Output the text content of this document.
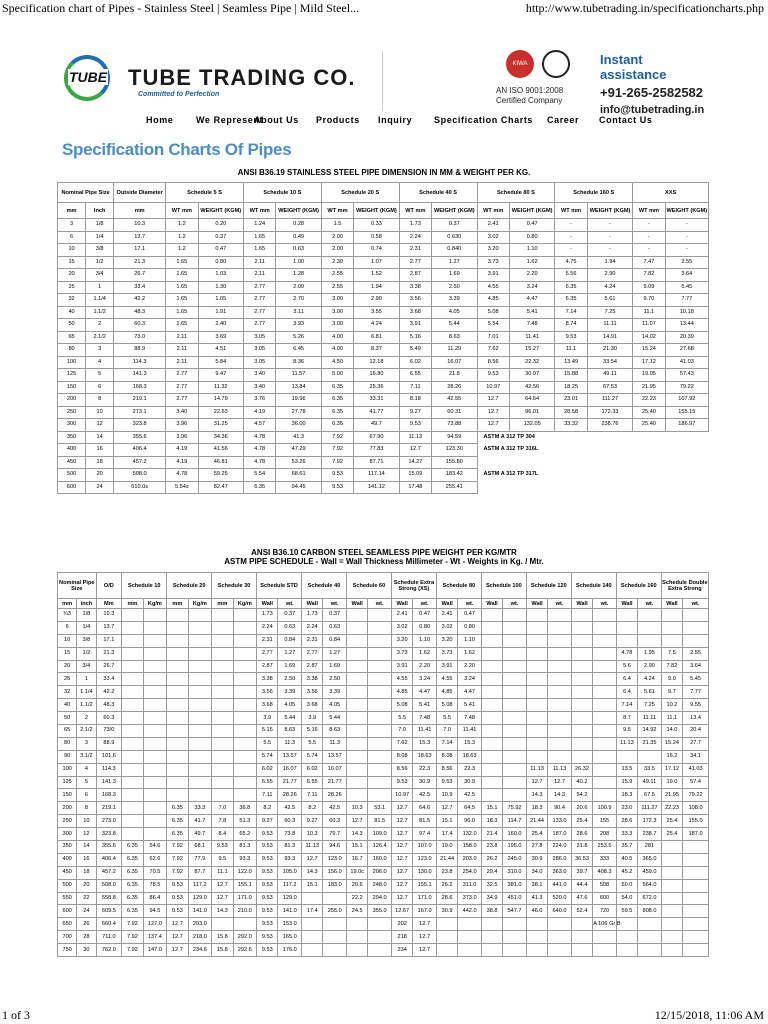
Specification chart of Pipes - Stainless Steel | Seamless Pipe | Mild Steel...	http://www.tubetrading.in/specificationcharts.php
TUBE TUBE TRADING CO.
Committed to Perfection
KIWA
AN ISO 9001:2008
Certified Company
Instant assistance
+91-265-2582582
info@tubetrading.in
Home	We Represent
About Us Products Inquiry Specification Charts Career Contact Us
Specification Charts Of Pipes
ANSI B36.19 STAINLESS STEEL PIPE DIMENSION IN MM & WEIGHT PER KG.
Nominal Pipe Size		Outside Diameter	Schedule 5 S		Schedule 10 S		Schedule 20 S		Schedule 40 S		Schedule 80 S		Schedule 160 S		XXS	
mm	Inch	mm	WT mm	WEIGHT (KGM)	WT mm	WEIGHT (KGM)	WT mm	WEIGHT (KGM)	WT mm	WEIGHT (KGM)	WT mm	WEIGHT (KGM)	WT mm	WEIGHT (KGM)	WT mm	WEIGHT (KGM)
3	1/8	10.3	1.2	0.20	1.24	0.28	1.5	0.33	1.73	0.37	2.41	0.47	-	-	-	-
6	1/4	13.7	1.2	0.37	1.65	0.49	2.00	0.58	2.24	0.630	3.02	0.80	-	-	-	-
10	3/8	17.1	1.2	0.47	1.65	0.63	2.00	0.74	2.31	0.840	3.20	1.10	-	-	-	-
15	1/2	21.3	1.65	0.80	2.11	1.00	2.30	1.07	2.77	1.27	3.73	1.62	4.75	1.94	7.47	2.55
20	3/4	26.7	1.65	1.03	2.11	1.28	2.55	1.52	2.87	1.69	3.91	2.20	5.56	2.90	7.82	3.64
25	1	33.4	1.65	1.30	2.77	2.09	2.55	1.94	3.38	2.50	4.55	3.24	6.35	4.24	9.09	5.45
32	1.1/4	42.2	1.65	1.65	2.77	2.70	3.00	2.90	3.56	3.39	4.85	4.47	6.35	5.61	9.70	7.77
40	1.1/2	48.3	1.65	1.91	2.77	3.11	3.00	3.55	3.68	4.05	5.08	5.41	7.14	7.25	11.1	10.18
50	2	60.3	1.65	2.40	2.77	3.93	3.00	4.24	3.91	5.44	5.54	7.48	8.74	11.11	11.07	13.44
65	2.1/2	73.0	2.11	3.69	3.05	5.26	4.00	6.81	5.16	8.63	7.01	11.41	9.53	14.91	14.02	20.39
80	3	88.9	2.11	4.51	3.05	6.45	4.00	8.37	5.49	11.29	7.62	15.27	11.1	21.30	15.24	27.68
100	4	114.3	2.11	5.84	3.05	8.36	4.50	12.18	6.02	16.07	8.56	22.32	13.49	33.54	17.12	41.03
125	5	141.3	2.77	9.47	3.40	11.57	5.00	16.80	6.55	21.8	9.53	30.97	15.88	49.11	19.05	57.43
150	6	168.3	2.77	11.32	3.40	13.84	6.35	25.36	7.11	28.26	10.97	42.56	18.25	67.53	21.95	79.22
200	8	219.1	2.77	14.79	3.76	19.96	6.35	33.31	8.18	42.55	12.7	64.64	23.01	111.27	22.23	107.92
250	10	273.1	3.40	22.63	4.19	27.78	6.35	41.77	9.27	60.31	12.7	96.01	28.58	172.33	25.40	155.15
300	12	323.8	3.96	31.25	4.57	36.00	6.35	49.7	9.53	73.88	12.7	132.05	33.32	238.76	25.40	186.97
350	14	355.6	3.96	34.36	4.78	41.3	7.92	67.90	11.13	94.59	ASTM A 312 TP 304					
400	16	406.4	4.19	41.56	4.78	47.29	7.92	77.83	12.7	123.30	ASTM A 312 TP 316L					
450	18	457.2	4.19	46.81	4.78	53.26	7.92	87.71	14.27	155.80						
500	20	508.0	4.78	59.25	5.54	68.61	9.53	117.14	15.09	183.42	ASTM A 312 TP 317L					
600	24	610.0s	5.54s	82.47	6.35	94.45	9.53	141.12	17.48	255.41						
ANSI B36.10 CARBON STEEL SEAMLESS PIPE WEIGHT PER KG/MTR
ASTM PIPE SCHEDULE - Wall = Wall Thickness Millimeter - Wt - Weights in Kg. / Mtr.
Nominal Pipe Size		O/D	Schedule 10		Schedule 20		Schedule 30		Schedule STD		Schedule 40		Schedule 60		Schedule Extra Strong (XS)		Schedule 80		Schedule 100		Schedule 120		Schedule 140		Schedule 160		Schedule Double Extra Strong	
mm	inch	Mm	mm	Kg/m	mm	Kg/m	mm	Kg/m	Wall	wt.	Wall	wt.	Wall	wt.	Wall	wt.	Wall	wt.	Wall	wt.	Wall	wt.	Wall	wt.	Wall	wt.	Wall	wt.
¾3	1/8	10.3							1.73	0.37	1.73	0.37			2.41	0.47	2.41	0.47										
6	1/4	13.7							2.24	0.63	2.24	0.63			3.02	0.80	3.02	0.80										
10	3/8	17.1							2.31	0.84	2.31	0.84			3.20	1.10	3.20	1.10										
15	1/2	21.3							2.77	1.27	2.77	1.27			3.73	1.62	3.73	1.62							4.78	1.95	7.5	2.55
20	3/4	26.7							2.87	1.69	2.87	1.69			3.91	2.20	3.91	2.20							5.6	2.90	7.82	3.64
25	1	33.4							3.38	2.50	3.38	2.50			4.55	3.24	4.55	3.24							6.4	4.24	9.0	5.45
32	1.1/4	42.2							3.56	3.39	3.56	3.39			4.85	4.47	4.85	4.47							6.4	5.61	9.7	7.77
40	1.1/2	48.3							3.68	4.05	3.68	4.05			5.08	5.41	5.08	5.41							7.14	7.25	10.2	9.55
50	2	60.3							3.9	5.44	3.9	5.44			5.5	7.48	5.5	7.48							8.7	11.11	11.1	13.4
65	2.1/2	73/0							5.16	8.63	5.16	8.63			7.0	11.41	7.0	11.41							9.5	14.92	14.0	20.4
80	3	88.9							5.5	11.3	5.5	11.3			7.62	15.3	7.14	15.3							11.13	21.35	15.24	27.7
90	3.1/2	101.6							5.74	13.57	5.74	13.57			8.08	18.63	8.08	18.63									16.2	34.1
100	4	114.3							6.02	16.07	6.02	16.07			8.56	22.3	8.56	22.3			11.13	11.13	26.32		13.5	33.5	17.12	41.03
125	5	141.3							6.55	21.77	6.55	21.77			9.53	30.9	9.53	30.9			12.7	12.7	40.2		15.9	49.11	19.0	57.4
150	6	168.3							7.11	28.26	7.11	28.26			10.97	42.5	10.9	42.5			14.3	14.3	54.2		18.3	67.5	21.95	79.22
200	8	219.1			6.35	33.3	7.0	36.8	8.2	42.5	8.2	42.5	10.3	53.1	12.7	64.6	12.7	64.5	15.1	75.92	18.3	90.4	20.6	100.9	23.0	111.27	22.23	108.0
250	10	273.0			6.35	41.7	7.8	51.3	9.27	60.3	9.27	60.3	12.7	81.5	12.7	81.5	15.1	96.0	18.3	114.7	21.44	133.0	25.4	155	28.6	172.3	25.4	155.0
300	12	323.8			6.35	49.7	8.4	65.2	9.53	73.8	10.3	79.7	14.3	109.0	12.7	97.4	17.4	132.0	21.4	160.0	25.4	187.0	28.6	208	33.3	238.7	25.4	187.0
350	14	355.6	6.35	54.6	7.92	68.1	9.53	81.3	9.53	81.3	11.13	94.6	15.1	126.4	12.7	107.0	19.0	158.0	23.8	195.0	27.8	224.0	31.8	253.5	35.7	281		
400	16	406.4	6.35	62.6	7.92	77.9	9.5	93.3	9.53	93.3	12.7	123.0	16.7	160.0	12.7	123.0	21.44	203.0	26.2	245.0	30.9	286.0	36.53	333	40.5	365.0		
450	18	457.2	6.35	70.5	7.92	87.7	11.1	122.0	9.53	105.0	14.3	156.0	19.0c	206.0	12.7	130.0	23.8	254.0	29.4	310.0	34.0	363.0	39.7	408.3	45.2	459.0		
500	20	508.0	6.35	78.5	9.53	117.2	12.7	155.1	9.53	117.2	15.1	183.0	20.6	248.0	12.7	155.1	26.2	311.0	32.5	381.0	38.1	441.0	44.4	508	50.0	564.0		
550	22	558.8	6.35	86.4	9.53	129.0	12.7	171.0	9.53	129.0			22.2	294.0	12.7	171.0	28.6	373.0	34.9	451.0	41.3	520.0	47.6	600	54.0	672.0		
600	24	609.5	6.35	94.5	9.53	141.0	14.3	210.0	9.53	141.0	17.4	255.0	24.5	355.0	12.67	167.0	30.9	442.0	38.8	547.7	46.0	640.0	52.4	720	59.5	808.0		
650	26	660.4	7.92	127.0	12.7	203.0			9.53	153.0					202	12.7								A 106 Gr B				
700	28	711.0	7.92	137.4	12.7	218.0	15.8	292.0	9.53	165.0					218	12.7												
750	30	762.0	7.92	147.0	12.7	234.6	15.8	292.6	9.53	176.0					234	12.7												
1 of 3	12/15/2018, 11:06 AM
